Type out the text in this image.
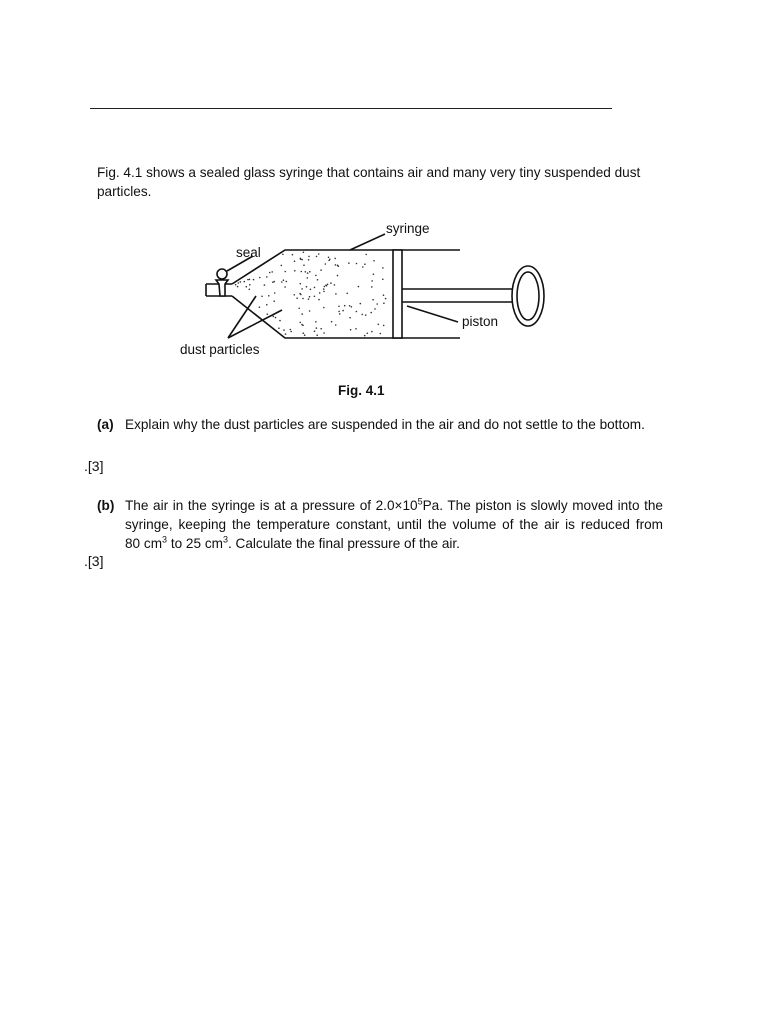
Fig. 4.1 shows a sealed glass syringe that contains air and many very tiny suspended dust particles.
syringe
seal
piston
dust particles
Fig. 4.1
(a) Explain why the dust particles are suspended in the air and do not settle to the bottom.
.[3]
(b) The air in the syringe is at a pressure of $2.0\times 10^5Pa$. The piston is slowly moved into the syringe, keeping the temperature constant, until the volume of the air is reduced from 80 $cm^3$ to 25 $cm^3$. Calculate the final pressure of the air.
.[3]
